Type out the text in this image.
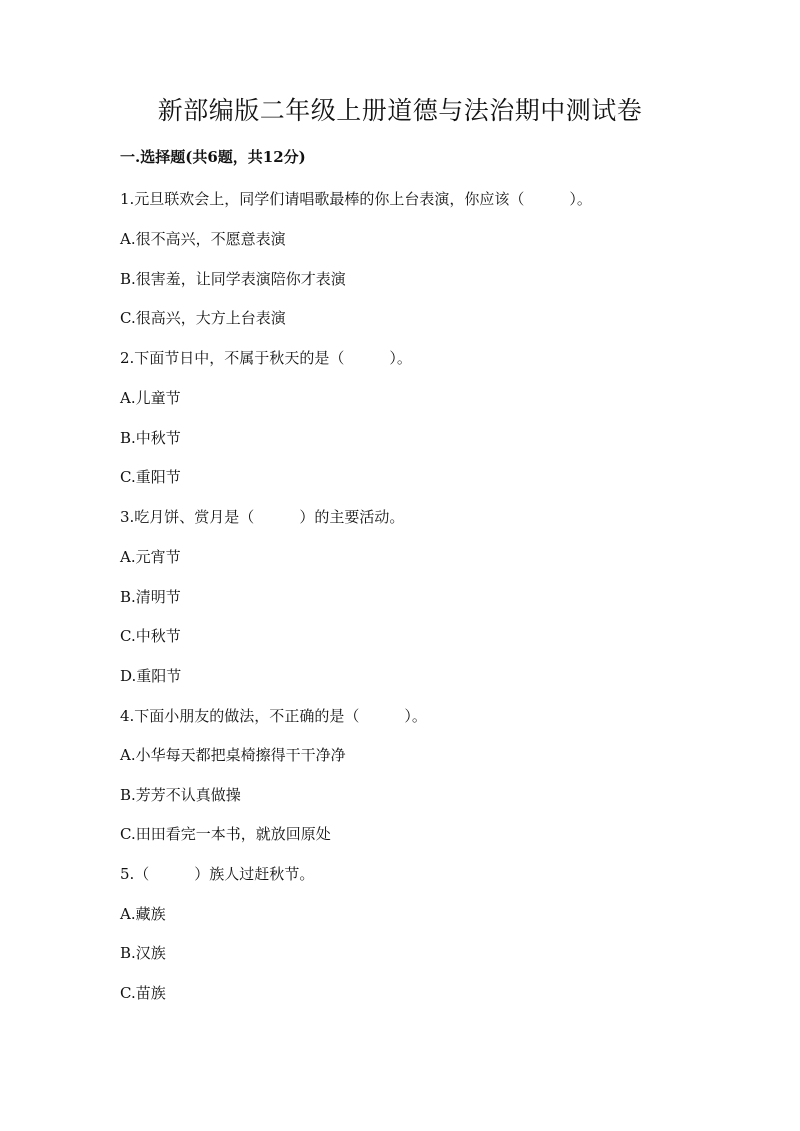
新部编版二年级上册道德与法治期中测试卷
一.选择题(共6题，共12分)
1.元旦联欢会上，同学们请唱歌最棒的你上台表演，你应该（　　　）。
A.很不高兴，不愿意表演
B.很害羞，让同学表演陪你才表演
C.很高兴，大方上台表演
2.下面节日中，不属于秋天的是（　　　）。
A.儿童节
B.中秋节
C.重阳节
3.吃月饼、赏月是（　　　）的主要活动。
A.元宵节
B.清明节
C.中秋节
D.重阳节
4.下面小朋友的做法，不正确的是（　　　）。
A.小华每天都把桌椅擦得干干净净
B.芳芳不认真做操
C.田田看完一本书，就放回原处
5.（　　　）族人过赶秋节。
A.藏族
B.汉族
C.苗族
